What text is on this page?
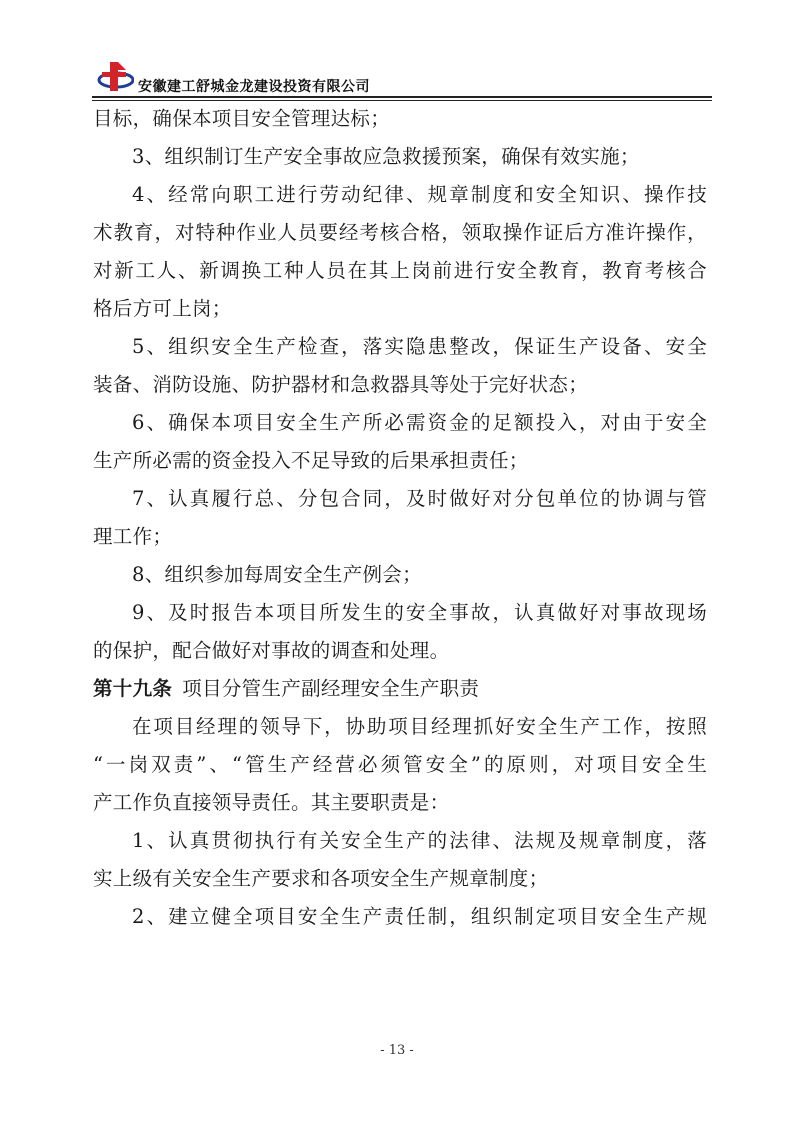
安徽建工舒城金龙建设投资有限公司
目标，确保本项目安全管理达标；
3、组织制订生产安全事故应急救援预案，确保有效实施；
4、经常向职工进行劳动纪律、规章制度和安全知识、操作技
术教育，对特种作业人员要经考核合格，领取操作证后方准许操作，
对新工人、新调换工种人员在其上岗前进行安全教育，教育考核合
格后方可上岗；
5、组织安全生产检查，落实隐患整改，保证生产设备、安全
装备、消防设施、防护器材和急救器具等处于完好状态；
6、确保本项目安全生产所必需资金的足额投入，对由于安全
生产所必需的资金投入不足导致的后果承担责任；
7、认真履行总、分包合同，及时做好对分包单位的协调与管
理工作；
8、组织参加每周安全生产例会；
9、及时报告本项目所发生的安全事故，认真做好对事故现场
的保护，配合做好对事故的调查和处理。
第十九条  项目分管生产副经理安全生产职责
在项目经理的领导下，协助项目经理抓好安全生产工作，按照
“一岗双责”、“管生产经营必须管安全”的原则，对项目安全生
产工作负直接领导责任。其主要职责是：
1、认真贯彻执行有关安全生产的法律、法规及规章制度，落
实上级有关安全生产要求和各项安全生产规章制度；
2、建立健全项目安全生产责任制，组织制定项目安全生产规
- 13 -
